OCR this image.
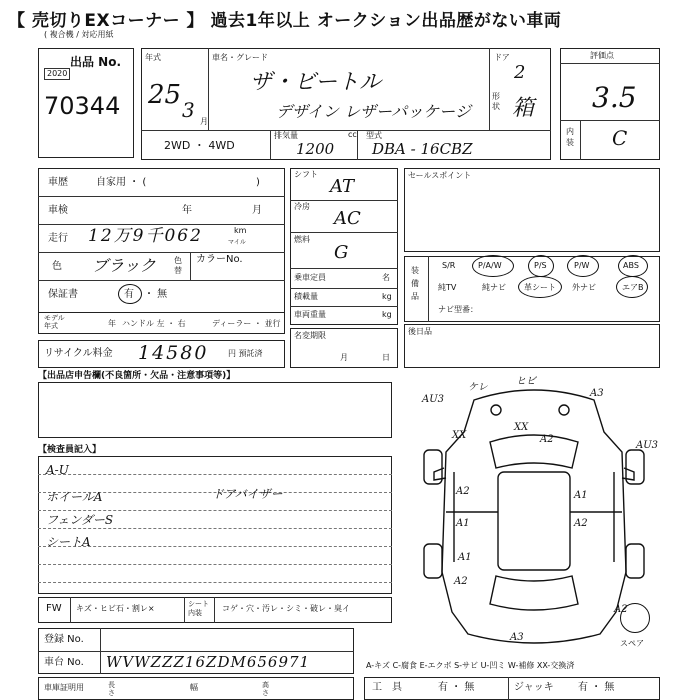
【 売切りEXコーナー 】 過去1年以上 オークション出品歴がない車両
( 複合機 / 対応用紙
出品 No.
2020
70344
年式
25 3 月
車名・グレード
ザ・ビートル
デザイン レザーパッケージ
ドア
2
形状 箱
2WD ・ 4WD
排気量	cc
1200
型式
DBA - 16CBZ
評価点
3.5
内装 C
車歴	自家用 ・ (	)
車検	年	月
走行 12万9千062	km
マイル
色 ブラック 色替
カラーNo.
保証書	有 ・ 無
モデル年式	年 ハンドル 左 ・ 右	ディーラー ・ 並行
リサイクル料金 14580 円 預託済
シフト
AT
冷房
AC
燃料
G
乗車定員	名
積載量	kg
車両重量	kg
名変期限
月	日
セールスポイント
装備品
S/R	P/A/W	P/S	P/W	ABS
純TV	純ナビ 革シート 外ナビ	エアB
ナビ型番：
後日品
【出品店申告欄(不良箇所・欠品・注意事項等)】
【検査員記入】
A-U
ホイールA
フェンダーS
シートA
ドアバイザー
FW キズ・ヒビ石・割レ×	シート内装	コゲ・穴・汚レ・シミ・破レ・臭イ
登録 No.
車台 No. WVWZZZ16ZDM656971
車庫証明用	長さ
幅	高さ
A-キズ C-腐食 E-エクボ S-サビ U-凹ミ W-補修 XX-交換済
工具	有 ・ 無	ジャッキ 有 ・ 無
スペア
ケレ
ヒビ
A3
AU3
XX
XX
A2
AU3
A2
A1
A1
A2
A1
A2
A3
A2
